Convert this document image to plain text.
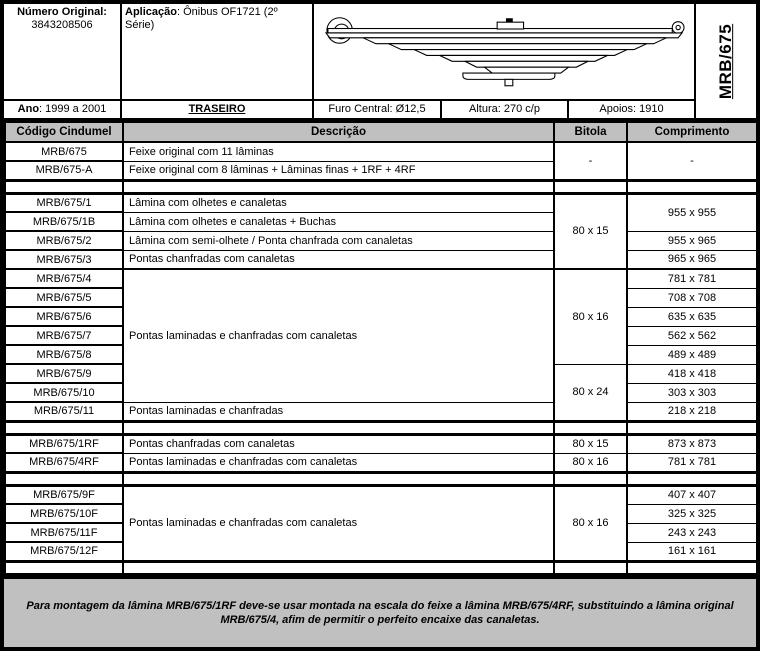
Número Original:
3843208506
Aplicação: Ônibus OF1721 (2º Série)	MRB/675
Ano: 1999 a 2001	TRASEIRO	Furo Central: Ø12,5	Altura: 270 c/p	Apoios: 1910
Código Cindumel	Descrição	Bitola	Comprimento
MRB/675	Feixe original com 11 lâminas	-	-
MRB/675-A	Feixe original com 8 lâminas + Lâminas finas + 1RF + 4RF		

MRB/675/1	Lâmina com olhetes e canaletas	80 x 15	955 x 955
MRB/675/1B	Lâmina com olhetes e canaletas + Buchas		
MRB/675/2	Lâmina com semi-olhete / Ponta chanfrada com canaletas		955 x 965
MRB/675/3	Pontas chanfradas com canaletas		965 x 965
MRB/675/4	Pontas laminadas e chanfradas com canaletas	80 x 16	781 x 781
MRB/675/5			708 x 708
MRB/675/6			635 x 635
MRB/675/7			562 x 562
MRB/675/8			489 x 489
MRB/675/9		80 x 24	418 x 418
MRB/675/10			303 x 303
MRB/675/11	Pontas laminadas e chanfradas		218 x 218

MRB/675/1RF	Pontas chanfradas com canaletas	80 x 15	873 x 873
MRB/675/4RF	Pontas laminadas e chanfradas com canaletas	80 x 16	781 x 781

MRB/675/9F	Pontas laminadas e chanfradas com canaletas	80 x 16	407 x 407
MRB/675/10F			325 x 325
MRB/675/11F			243 x 243
MRB/675/12F			161 x 161

Para montagem da lâmina MRB/675/1RF deve-se usar montada na escala do feixe a lâmina MRB/675/4RF, substituindo a lâmina original MRB/675/4, afim de permitir o perfeito encaixe das canaletas.
